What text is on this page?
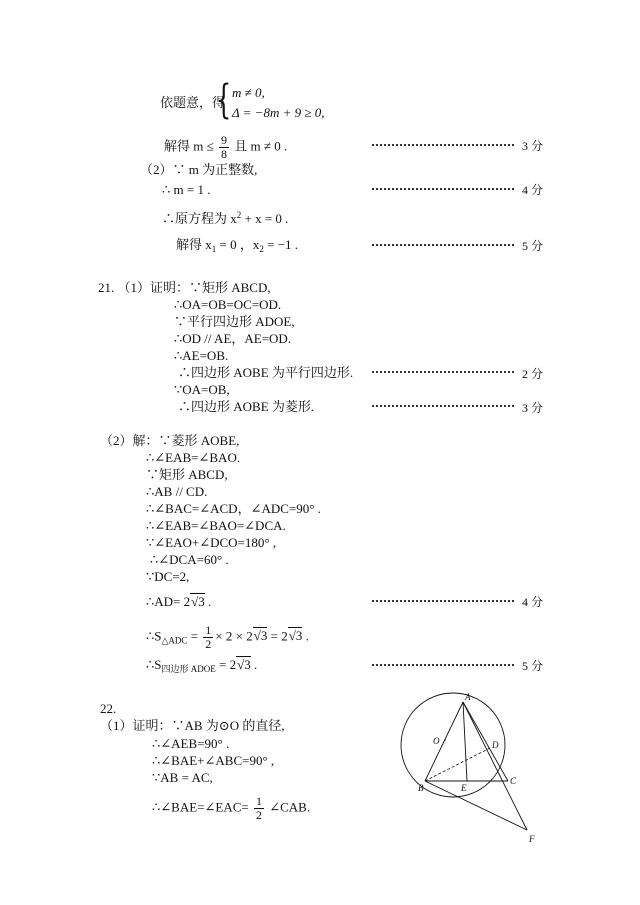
依题意，得
{ m ≠ 0,
Δ = −8m + 9 ≥ 0,
解得 $m \le \frac{9}{8}$ 且 m ≠ 0 .	3 分
（2）∵ m 为正整数,
∴ m = 1 .	4 分
∴原方程为 $x^2 + x = 0$ .
解得 $x_1 = 0$ ，$x_2 = -1$ .	5 分
21. （1）证明：∵矩形 ABCD,
∴OA=OB=OC=OD.
∵平行四边形 ADOE,
∴OD // AE，AE=OD.
∴AE=OB.
∴四边形 AOBE 为平行四边形.	2 分
∵OA=OB,
∴四边形 AOBE 为菱形.	3 分
（2）解：∵菱形 AOBE,
∴∠EAB=∠BAO.
∵矩形 ABCD,
∴AB // CD.
∴∠BAC=∠ACD，∠ADC=90° .
∴∠EAB=∠BAO=∠DCA.
∵∠EAO+∠DCO=180° ,
∴∠DCA=60° .
∵DC=2,
∴AD= 2√3 .	4 分
$\therefore S_{\triangle ADC} = \frac{1}{2} \times 2 \times 2√3 = 2√3$ .
$\therefore S_{四边形 ADOE} = 2√3$ .	5 分
22.
（1）证明：∵AB 为⊙O 的直径,
∴∠AEB=90° .
∴∠BAE+∠ABC=90° ,
∵AB = AC,
∴∠BAE=∠EAC= $\frac{1}{2}$ ∠CAB.
A
O	D
B	E
C
F
